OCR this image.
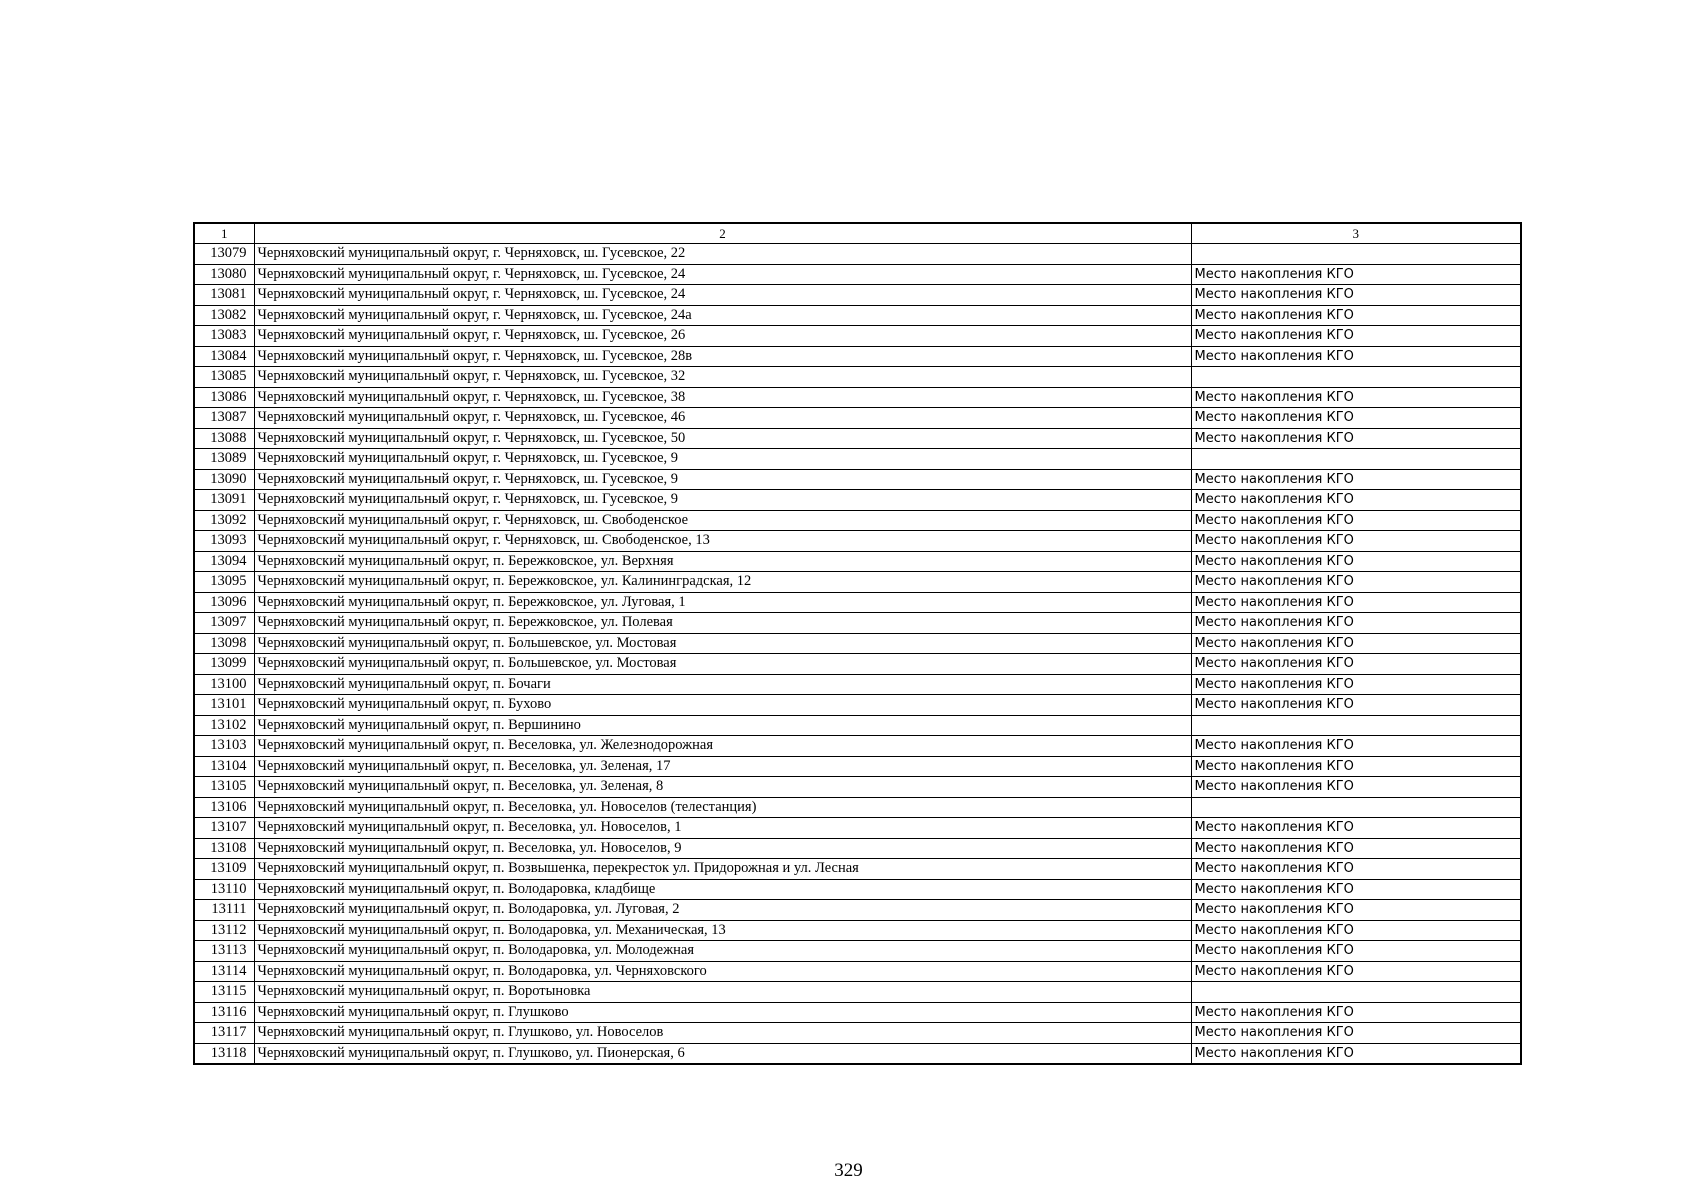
1	2	3
13079	Черняховский муниципальный округ, г. Черняховск, ш. Гусевское, 22	
13080	Черняховский муниципальный округ, г. Черняховск, ш. Гусевское, 24	Место накопления КГО
13081	Черняховский муниципальный округ, г. Черняховск, ш. Гусевское, 24	Место накопления КГО
13082	Черняховский муниципальный округ, г. Черняховск, ш. Гусевское, 24а	Место накопления КГО
13083	Черняховский муниципальный округ, г. Черняховск, ш. Гусевское, 26	Место накопления КГО
13084	Черняховский муниципальный округ, г. Черняховск, ш. Гусевское, 28в	Место накопления КГО
13085	Черняховский муниципальный округ, г. Черняховск, ш. Гусевское, 32	
13086	Черняховский муниципальный округ, г. Черняховск, ш. Гусевское, 38	Место накопления КГО
13087	Черняховский муниципальный округ, г. Черняховск, ш. Гусевское, 46	Место накопления КГО
13088	Черняховский муниципальный округ, г. Черняховск, ш. Гусевское, 50	Место накопления КГО
13089	Черняховский муниципальный округ, г. Черняховск, ш. Гусевское, 9	
13090	Черняховский муниципальный округ, г. Черняховск, ш. Гусевское, 9	Место накопления КГО
13091	Черняховский муниципальный округ, г. Черняховск, ш. Гусевское, 9	Место накопления КГО
13092	Черняховский муниципальный округ, г. Черняховск, ш. Свободенское	Место накопления КГО
13093	Черняховский муниципальный округ, г. Черняховск, ш. Свободенское, 13	Место накопления КГО
13094	Черняховский муниципальный округ, п. Бережковское, ул. Верхняя	Место накопления КГО
13095	Черняховский муниципальный округ, п. Бережковское, ул. Калининградская, 12	Место накопления КГО
13096	Черняховский муниципальный округ, п. Бережковское, ул. Луговая, 1	Место накопления КГО
13097	Черняховский муниципальный округ, п. Бережковское, ул. Полевая	Место накопления КГО
13098	Черняховский муниципальный округ, п. Большевское, ул. Мостовая	Место накопления КГО
13099	Черняховский муниципальный округ, п. Большевское, ул. Мостовая	Место накопления КГО
13100	Черняховский муниципальный округ, п. Бочаги	Место накопления КГО
13101	Черняховский муниципальный округ, п. Бухово	Место накопления КГО
13102	Черняховский муниципальный округ, п. Вершинино	
13103	Черняховский муниципальный округ, п. Веселовка, ул. Железнодорожная	Место накопления КГО
13104	Черняховский муниципальный округ, п. Веселовка, ул. Зеленая, 17	Место накопления КГО
13105	Черняховский муниципальный округ, п. Веселовка, ул. Зеленая, 8	Место накопления КГО
13106	Черняховский муниципальный округ, п. Веселовка, ул. Новоселов (телестанция)	
13107	Черняховский муниципальный округ, п. Веселовка, ул. Новоселов, 1	Место накопления КГО
13108	Черняховский муниципальный округ, п. Веселовка, ул. Новоселов, 9	Место накопления КГО
13109	Черняховский муниципальный округ, п. Возвышенка, перекресток ул. Придорожная и ул. Лесная	Место накопления КГО
13110	Черняховский муниципальный округ, п. Володаровка, кладбище	Место накопления КГО
13111	Черняховский муниципальный округ, п. Володаровка, ул. Луговая, 2	Место накопления КГО
13112	Черняховский муниципальный округ, п. Володаровка, ул. Механическая, 13	Место накопления КГО
13113	Черняховский муниципальный округ, п. Володаровка, ул. Молодежная	Место накопления КГО
13114	Черняховский муниципальный округ, п. Володаровка, ул. Черняховского	Место накопления КГО
13115	Черняховский муниципальный округ, п. Воротыновка	
13116	Черняховский муниципальный округ, п. Глушково	Место накопления КГО
13117	Черняховский муниципальный округ, п. Глушково, ул. Новоселов	Место накопления КГО
13118	Черняховский муниципальный округ, п. Глушково, ул. Пионерская, 6	Место накопления КГО
329
